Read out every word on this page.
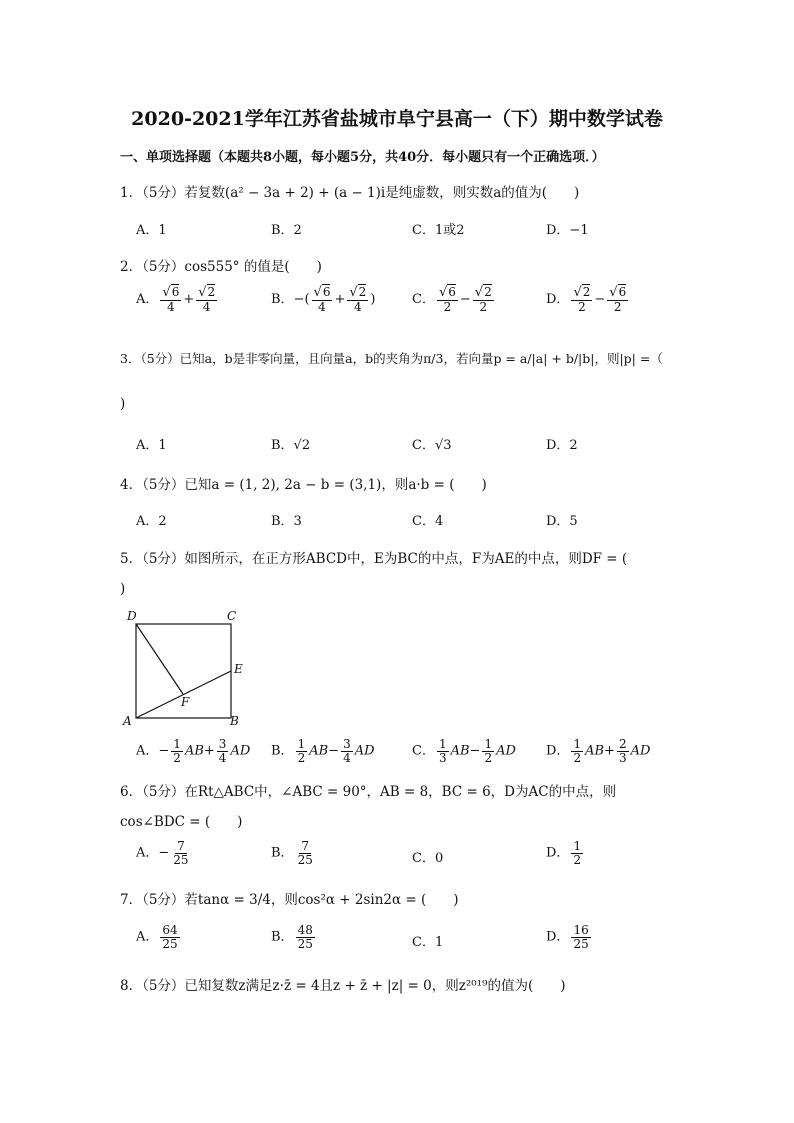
2020-2021学年江苏省盐城市阜宁县高一（下）期中数学试卷
一、单项选择题（本题共8小题，每小题5分，共40分．每小题只有一个正确选项．）
1．（5分）若复数(a² − 3a + 2) + (a − 1)i是纯虚数，则实数a的值为(　　)
A．1	B．2	C．1或2	D．−1
2．（5分）cos555° 的值是(　　)
A． $\frac{√6}{4} + \frac{√2}{4}$	B．−( $\frac{√6}{4} + \frac{√2}{4}$ )	C． $\frac{√6}{2} - \frac{√2}{2}$	D． $\frac{√2}{2} - \frac{√6}{2}$
3．（5分）已知a，b是非零向量，且向量a，b的夹角为π/3，若向量p = a/|a| + b/|b|，则|p| =（
)
A．1	B．√2	C．√3	D．2
4．（5分）已知a = (1, 2), 2a − b = (3,1)，则a·b = (　　)
A．2	B．3	C．4	D．5
5．（5分）如图所示，在正方形ABCD中，E为BC的中点，F为AE的中点，则DF = (
)
D	C
E
F
A	B
A．− $\frac{1}{2} AB+ \frac{3}{4}$ AD B． $\frac{1}{2} AB- \frac{3}{4}$ AD	C． $\frac{1}{3} AB- \frac{1}{2}$ AD D． $\frac{1}{2} AB+ \frac{2}{3}$ AD
6．（5分）在Rt△ABC中，∠ABC = 90°，AB = 8，BC = 6，D为AC的中点，则
cos∠BDC = (　　)
A．− $\frac{7}{25}$	B． $\frac{7}{25}$	C．0	D． $\frac{1}{2}$
7．（5分）若tanα = 3/4，则cos²α + 2sin2α = (　　)
A． $\frac{64}{25}$	B． $\frac{48}{25}$	C．1	D． $\frac{16}{25}$
8．（5分）已知复数z满足z·z̄ = 4且z + z̄ + |z| = 0，则z²⁰¹⁹的值为(　　)
